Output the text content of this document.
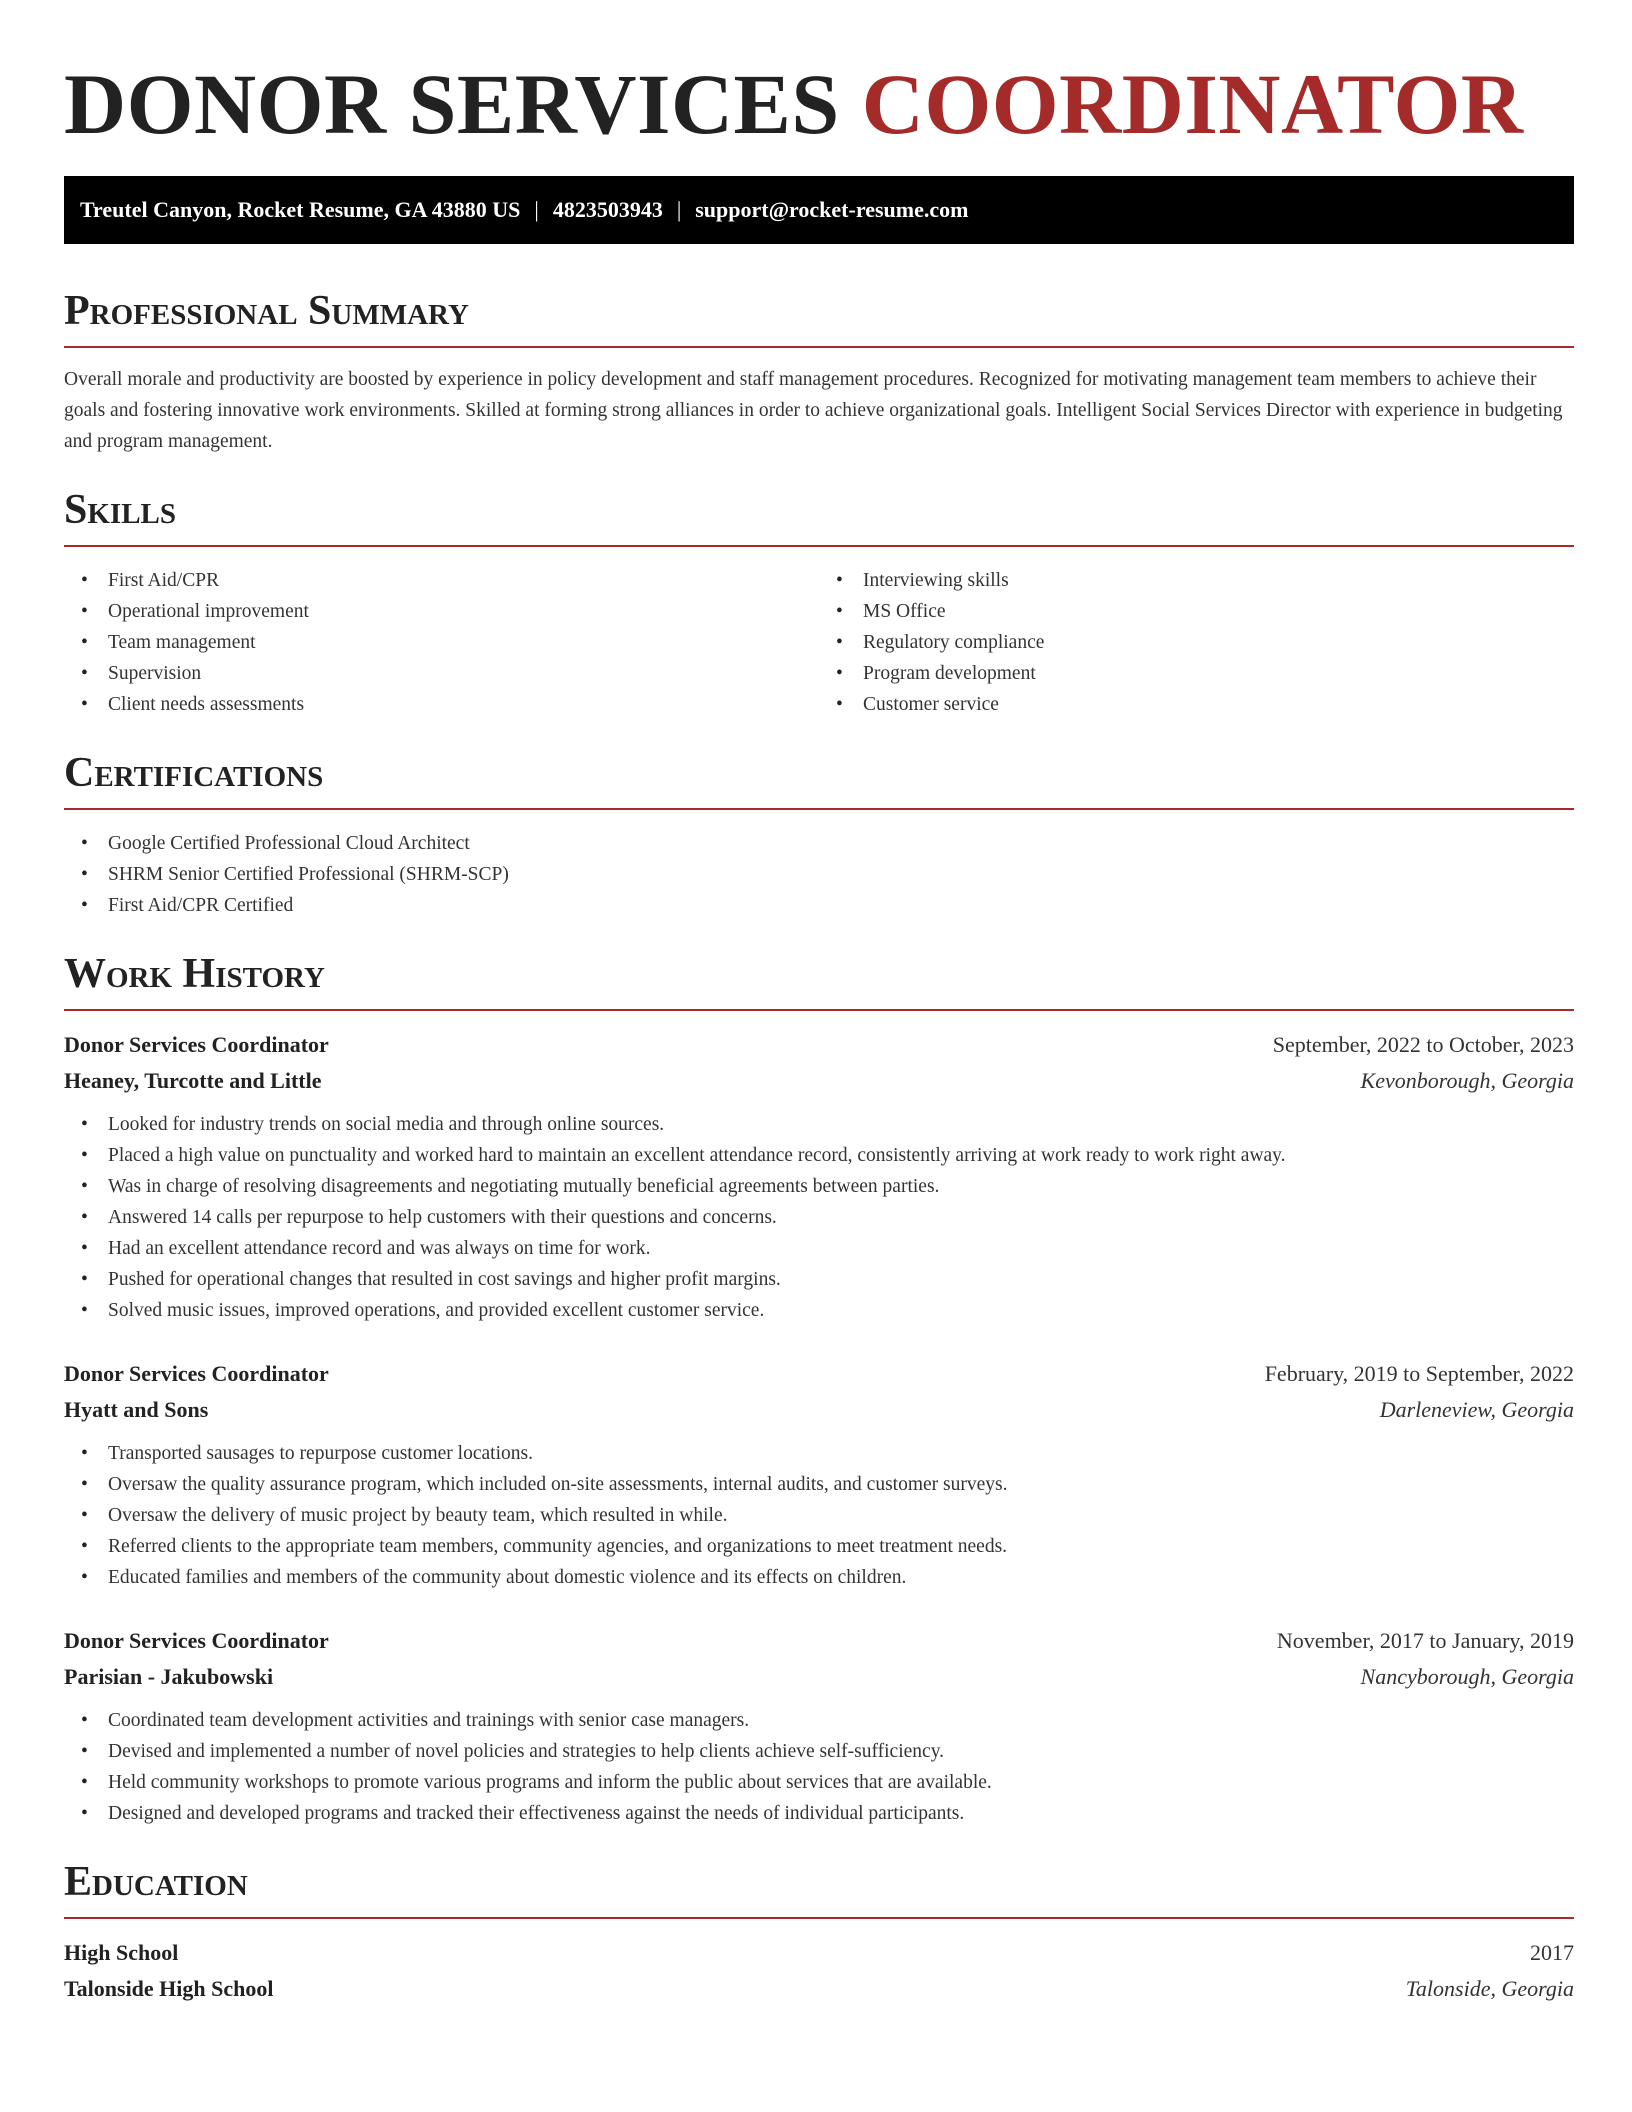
DONOR SERVICES COORDINATOR
Treutel Canyon, Rocket Resume, GA 43880 US | 4823503943 | support@rocket-resume.com
Professional Summary
Overall morale and productivity are boosted by experience in policy development and staff management procedures. Recognized for motivating management team members to achieve their goals and fostering innovative work environments. Skilled at forming strong alliances in order to achieve organizational goals. Intelligent Social Services Director with experience in budgeting and program management.
Skills
• First Aid/CPR
• Operational improvement
• Team management
• Supervision
• Client needs assessments
• Interviewing skills
• MS Office
• Regulatory compliance
• Program development
• Customer service
Certifications
• Google Certified Professional Cloud Architect
• SHRM Senior Certified Professional (SHRM-SCP)
• First Aid/CPR Certified
Work History
Donor Services Coordinator	September, 2022 to October, 2023
Heaney, Turcotte and Little	Kevonborough, Georgia
• Looked for industry trends on social media and through online sources.
• Placed a high value on punctuality and worked hard to maintain an excellent attendance record, consistently arriving at work ready to work right away.
• Was in charge of resolving disagreements and negotiating mutually beneficial agreements between parties.
• Answered 14 calls per repurpose to help customers with their questions and concerns.
• Had an excellent attendance record and was always on time for work.
• Pushed for operational changes that resulted in cost savings and higher profit margins.
• Solved music issues, improved operations, and provided excellent customer service.
Donor Services Coordinator	February, 2019 to September, 2022
Hyatt and Sons	Darleneview, Georgia
• Transported sausages to repurpose customer locations.
• Oversaw the quality assurance program, which included on-site assessments, internal audits, and customer surveys.
• Oversaw the delivery of music project by beauty team, which resulted in while.
• Referred clients to the appropriate team members, community agencies, and organizations to meet treatment needs.
• Educated families and members of the community about domestic violence and its effects on children.
Donor Services Coordinator	November, 2017 to January, 2019
Parisian - Jakubowski	Nancyborough, Georgia
• Coordinated team development activities and trainings with senior case managers.
• Devised and implemented a number of novel policies and strategies to help clients achieve self-sufficiency.
• Held community workshops to promote various programs and inform the public about services that are available.
• Designed and developed programs and tracked their effectiveness against the needs of individual participants.
Education
High School	2017
Talonside High School	Talonside, Georgia
